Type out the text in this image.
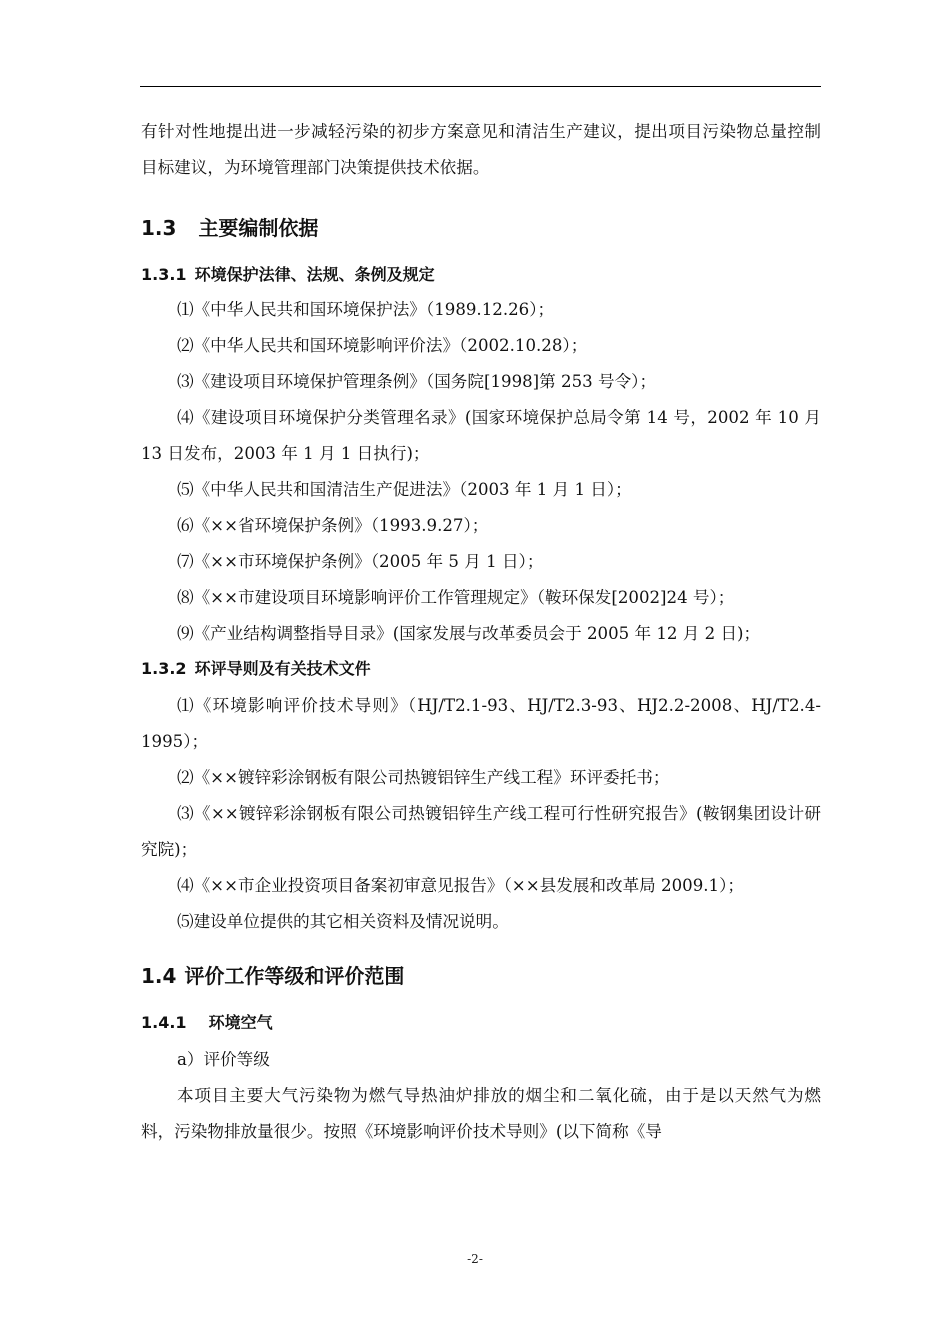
有针对性地提出进一步减轻污染的初步方案意见和清洁生产建议，提出项目污染物总量控制目标建议，为环境管理部门决策提供技术依据。

1.3 主要编制依据
1.3.1 环境保护法律、法规、条例及规定

⑴《中华人民共和国环境保护法》（1989.12.26）；

⑵《中华人民共和国环境影响评价法》（2002.10.28）；

⑶《建设项目环境保护管理条例》（国务院[1998]第 253 号令）；

⑷《建设项目环境保护分类管理名录》(国家环境保护总局令第 14 号，2002 年 10 月 13 日发布，2003 年 1 月 1 日执行)；

⑸《中华人民共和国清洁生产促进法》（2003 年 1 月 1 日）；

⑹《××省环境保护条例》（1993.9.27）；

⑺《××市环境保护条例》（2005 年 5 月 1 日）；

⑻《××市建设项目环境影响评价工作管理规定》（鞍环保发[2002]24 号）；

⑼《产业结构调整指导目录》(国家发展与改革委员会于 2005 年 12 月 2 日)；

1.3.2 环评导则及有关技术文件

⑴《环境影响评价技术导则》（HJ/T2.1-93、HJ/T2.3-93、HJ2.2-2008、HJ/T2.4-1995）；

⑵《××镀锌彩涂钢板有限公司热镀铝锌生产线工程》环评委托书；

⑶《××镀锌彩涂钢板有限公司热镀铝锌生产线工程可行性研究报告》(鞍钢集团设计研究院)；

⑷《××市企业投资项目备案初审意见报告》（××县发展和改革局 2009.1）；

⑸建设单位提供的其它相关资料及情况说明。

1.4 评价工作等级和评价范围
1.4.1 环境空气

a）评价等级

本项目主要大气污染物为燃气导热油炉排放的烟尘和二氧化硫，由于是以天然气为燃料，污染物排放量很少。按照《环境影响评价技术导则》(以下简称《导

-2-
